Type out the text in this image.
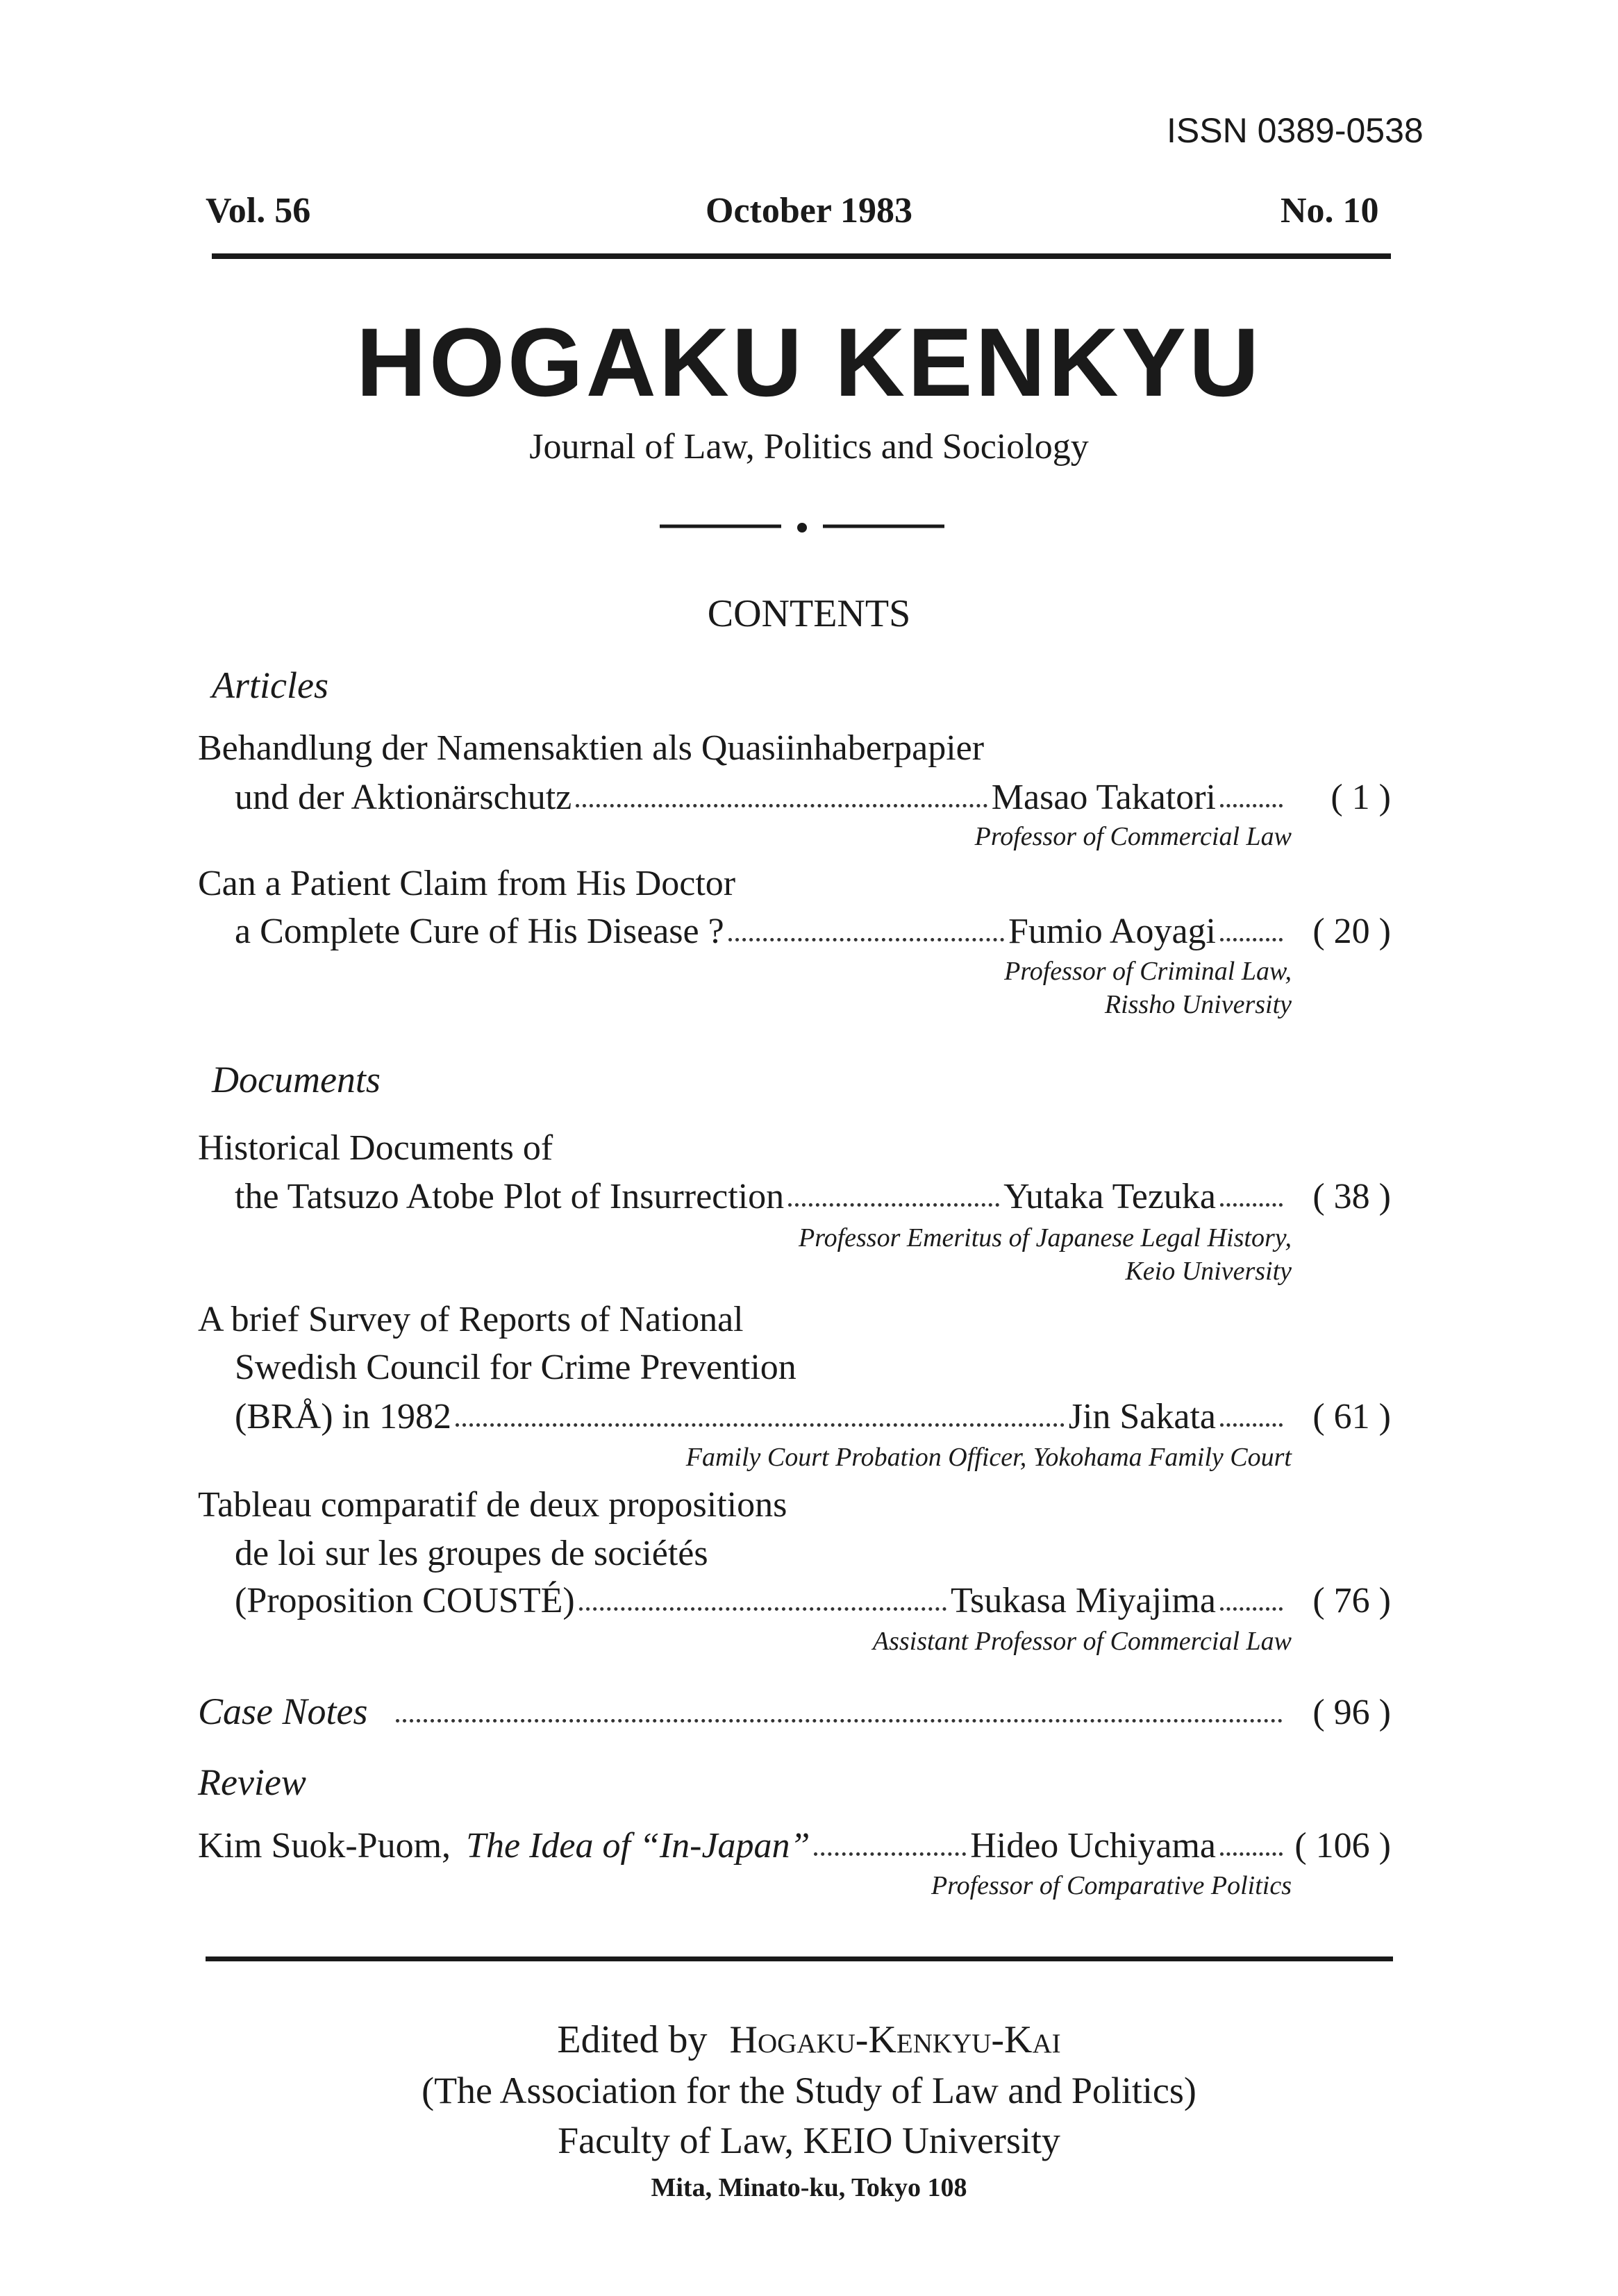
ISSN 0389-0538
Vol. 56	October 1983	No. 10
HOGAKU KENKYU
Journal of Law, Politics and Sociology
CONTENTS
Articles
Behandlung der Namensaktien als Quasiinhaberpapier
und der Aktionärschutz	Masao Takatori	( 1 )
Professor of Commercial Law
Can a Patient Claim from His Doctor
a Complete Cure of His Disease ?	Fumio Aoyagi	( 20 )
Professor of Criminal Law,
Rissho University
Documents
Historical Documents of
the Tatsuzo Atobe Plot of Insurrection	Yutaka Tezuka	( 38 )
Professor Emeritus of Japanese Legal History,
Keio University
A brief Survey of Reports of National
Swedish Council for Crime Prevention
(BRÅ) in 1982	Jin Sakata	( 61 )
Family Court Probation Officer, Yokohama Family Court
Tableau comparatif de deux propositions
de loi sur les groupes de sociétés
(Proposition COUSTÉ)	Tsukasa Miyajima	( 76 )
Assistant Professor of Commercial Law
Case Notes	( 96 )
Review
Kim Suok-Puom, The Idea of “In-Japan”	Hideo Uchiyama ( 106 )
Professor of Comparative Politics
Edited by Hogaku-Kenkyu-Kai
(The Association for the Study of Law and Politics)
Faculty of Law, KEIO University
Mita, Minato-ku, Tokyo 108
